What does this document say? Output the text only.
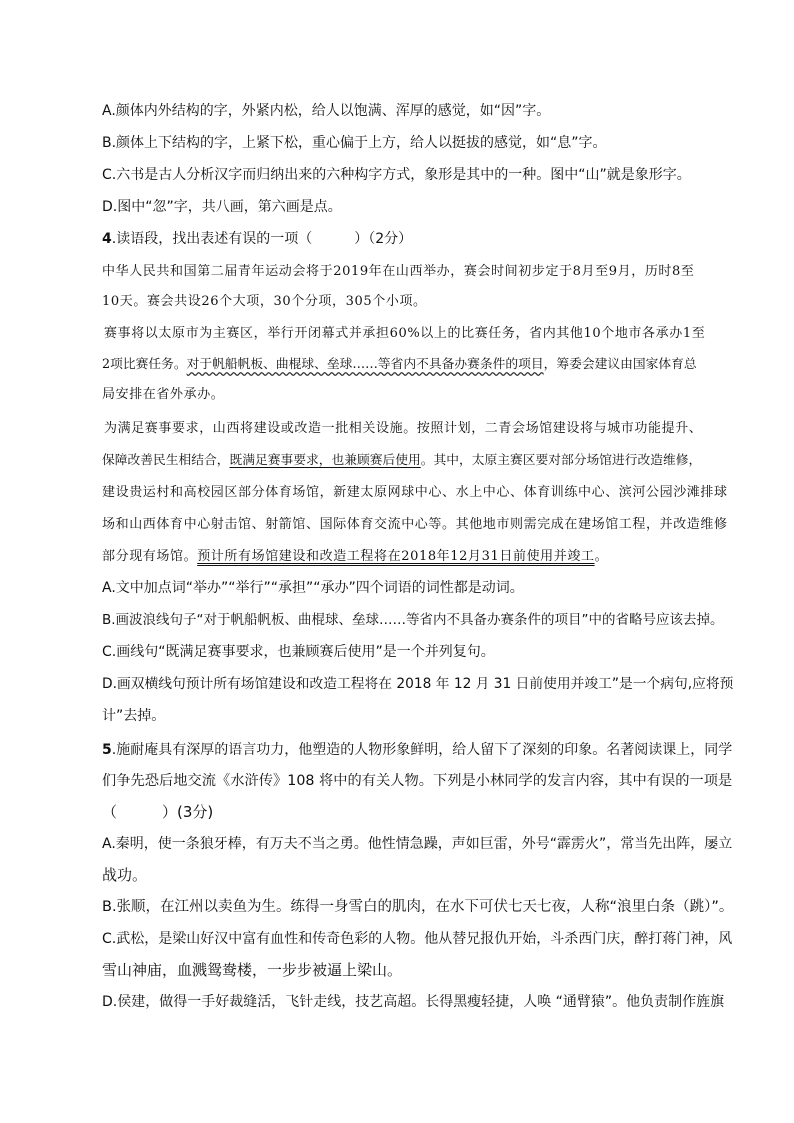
A.颜体内外结构的字，外紧内松，给人以饱满、浑厚的感觉，如“因”字。
B.颜体上下结构的字，上紧下松，重心偏于上方，给人以挺拔的感觉，如“息”字。
C.六书是古人分析汉字而归纳出来的六种构字方式，象形是其中的一种。图中“山”就是象形字。
D.图中“忽”字，共八画，第六画是点。
4.读语段，找出表述有误的一项（　　　）（2分）
中华人民共和国第二届青年运动会将于2019年在山西举办，赛会时间初步定于8月至9月，历时8至
10天。赛会共设26个大项，30个分项，305个小项。
赛事将以太原市为主赛区，举行开闭幕式并承担60%以上的比赛任务，省内其他10个地市各承办1至
2项比赛任务。对于帆船帆板、曲棍球、垒球……等省内不具备办赛条件的项目，筹委会建议由国家体育总
局安排在省外承办。
为满足赛事要求，山西将建设或改造一批相关设施。按照计划，二青会场馆建设将与城市功能提升、
保障改善民生相结合，既满足赛事要求，也兼顾赛后使用。其中，太原主赛区要对部分场馆进行改造维修，
建设贵运村和高校园区部分体育场馆，新建太原网球中心、水上中心、体育训练中心、滨河公园沙滩排球
场和山西体育中心射击馆、射箭馆、国际体育交流中心等。其他地市则需完成在建场馆工程，并改造维修
部分现有场馆。预计所有场馆建设和改造工程将在2018年12月31日前使用并竣工。
A.文中加点词“举办”“举行”“承担”“承办”四个词语的词性都是动词。
B.画波浪线句子“对于帆船帆板、曲棍球、垒球……等省内不具备办赛条件的项目”中的省略号应该去掉。
C.画线句“既满足赛事要求，也兼顾赛后使用”是一个并列复句。
D.画双横线句预计所有场馆建设和改造工程将在 2018 年 12 月 31 日前使用并竣工”是一个病句,应将预
计”去掉。
5.施耐庵具有深厚的语言功力，他塑造的人物形象鲜明，给人留下了深刻的印象。名著阅读课上，同学
们争先恐后地交流《水浒传》108 将中的有关人物。下列是小林同学的发言内容，其中有误的一项是
（　　　）(3分)
A.秦明，使一条狼牙棒，有万夫不当之勇。他性情急躁，声如巨雷，外号“霹雳火”，常当先出阵，屡立
战功。
B.张顺，在江州以卖鱼为生。练得一身雪白的肌肉，在水下可伏七天七夜，人称“浪里白条（跳）”。
C.武松，是梁山好汉中富有血性和传奇色彩的人物。他从替兄报仇开始，斗杀西门庆，醉打蒋门神，风
雪山神庙，血溅鸳鸯楼，一步步被逼上梁山。
D.侯建，做得一手好裁缝活，飞针走线，技艺高超。长得黑瘦轻捷，人唤 “通臂猿”。他负责制作旌旗
